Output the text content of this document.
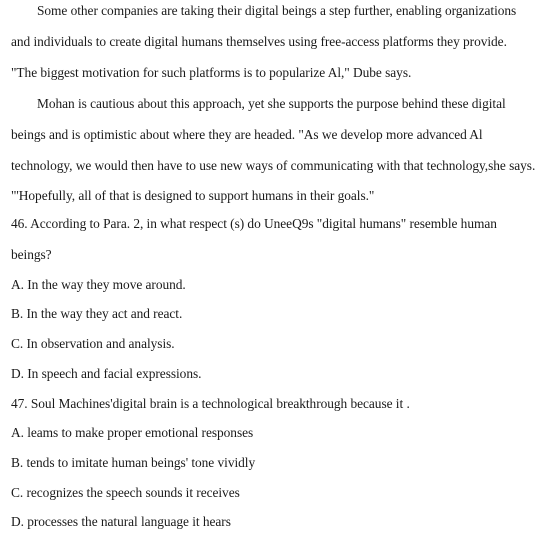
Some other companies are taking their digital beings a step further, enabling organizations
and individuals to create digital humans themselves using free-access platforms they provide.
"The biggest motivation for such platforms is to popularize Al," Dube says.
Mohan is cautious about this approach, yet she supports the purpose behind these digital
beings and is optimistic about where they are headed. "As we develop more advanced Al
technology, we would then have to use new ways of communicating with that technology,she says.
"'Hopefully, all of that is designed to support humans in their goals."
46. According to Para. 2, in what respect (s) do UneeQ9s "digital humans" resemble human
beings?
A. In the way they move around.
B. In the way they act and react.
C. In observation and analysis.
D. In speech and facial expressions.
47. Soul Machines'digital brain is a technological breakthrough because it .
A. leams to make proper emotional responses
B. tends to imitate human beings' tone vividly
C. recognizes the speech sounds it receives
D. processes the natural language it hears
